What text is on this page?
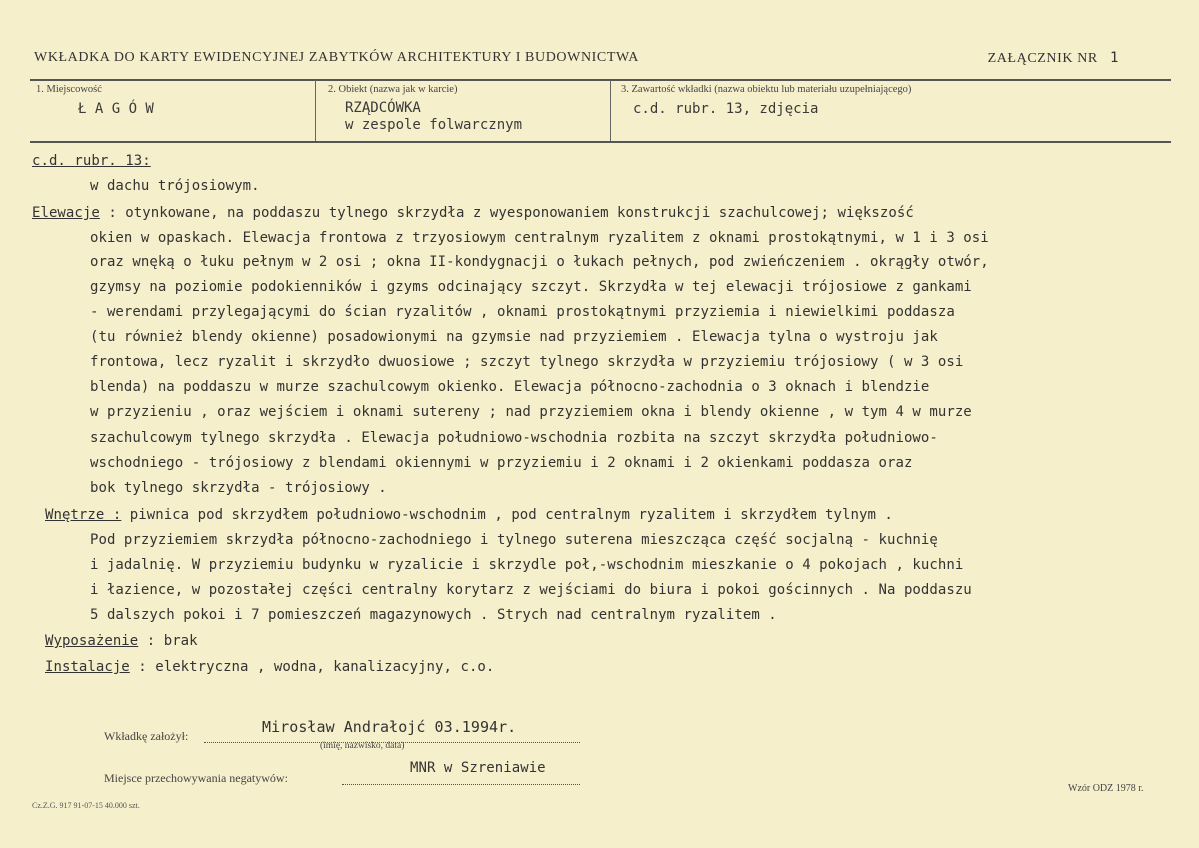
WKŁADKA DO KARTY EWIDENCYJNEJ ZABYTKÓW ARCHITEKTURY I BUDOWNICTWA	ZAŁĄCZNIK NR 1
1. Miejscowość
Ł A G Ó W
2. Obiekt (nazwa jak w karcie)
RZĄDCÓWKA
w zespole folwarcznym
3. Zawartość wkładki (nazwa obiektu lub materiału uzupełniającego)
c.d. rubr. 13, zdjęcia
c.d. rubr. 13:
w dachu trójosiowym.
Elewacje : otynkowane, na poddaszu tylnego skrzydła z wyesponowaniem konstrukcji szachulcowej; większość
okien w opaskach. Elewacja frontowa z trzyosiowym centralnym ryzalitem z oknami prostokątnymi, w 1 i 3 osi
oraz wnęką o łuku pełnym w 2 osi ; okna II-kondygnacji o łukach pełnych, pod zwieńczeniem . okrągły otwór,
gzymsy na poziomie podokienników i gzyms odcinający szczyt. Skrzydła w tej elewacji trójosiowe z gankami
- werendami przylegającymi do ścian ryzalitów , oknami prostokątnymi przyziemia i niewielkimi poddasza
(tu również blendy okienne) posadowionymi na gzymsie nad przyziemiem . Elewacja tylna o wystroju jak
frontowa, lecz ryzalit i skrzydło dwuosiowe ; szczyt tylnego skrzydła w przyziemiu trójosiowy ( w 3 osi
blenda) na poddaszu w murze szachulcowym okienko. Elewacja północno-zachodnia o 3 oknach i blendzie
w przyzieniu , oraz wejściem i oknami sutereny ; nad przyziemiem okna i blendy okienne , w tym 4 w murze
szachulcowym tylnego skrzydła . Elewacja południowo-wschodnia rozbita na szczyt skrzydła południowo-
wschodniego - trójosiowy z blendami okiennymi w przyziemiu i 2 oknami i 2 okienkami poddasza oraz
bok tylnego skrzydła - trójosiowy .
Wnętrze : piwnica pod skrzydłem południowo-wschodnim , pod centralnym ryzalitem i skrzydłem tylnym .
Pod przyziemiem skrzydła północno-zachodniego i tylnego suterena mieszcząca część socjalną - kuchnię
i jadalnię. W przyziemiu budynku w ryzalicie i skrzydle poł,-wschodnim mieszkanie o 4 pokojach , kuchni
i łazience, w pozostałej części centralny korytarz z wejściami do biura i pokoi gościnnych . Na poddaszu
5 dalszych pokoi i 7 pomieszczeń magazynowych . Strych nad centralnym ryzalitem .
Wyposażenie : brak
Instalacje : elektryczna , wodna, kanalizacyjny, c.o.
Wkładkę założył:	Mirosław Andrałojć 03.1994r.
(imię, nazwisko, data)
Miejsce przechowywania negatywów:
MNR w Szreniawie
Cz.Z.G. 917 91-07-15 40.000 szt.
Wzór ODZ 1978 r.
